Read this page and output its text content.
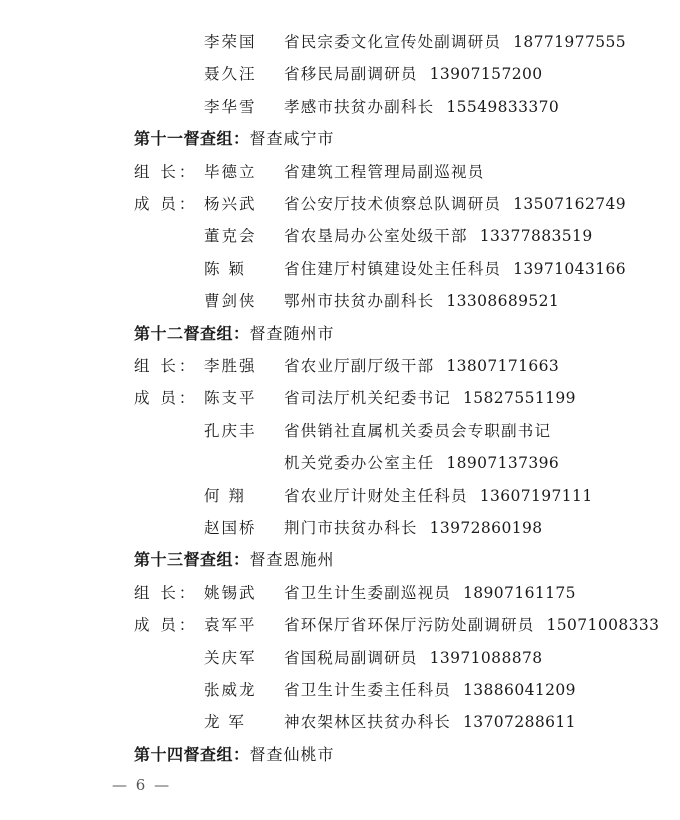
李荣国 省民宗委文化宣传处副调研员 18771977555
聂久汪 省移民局副调研员 13907157200
李华雪 孝感市扶贫办副科长 15549833370
第十一督查组：督查咸宁市
组 长： 毕德立 省建筑工程管理局副巡视员
成 员： 杨兴武 省公安厅技术侦察总队调研员 13507162749
董克会 省农垦局办公室处级干部 13377883519
陈 颖 省住建厅村镇建设处主任科员 13971043166
曹剑侠 鄂州市扶贫办副科长 13308689521
第十二督查组：督查随州市
组 长： 李胜强 省农业厅副厅级干部 13807171663
成 员： 陈支平 省司法厅机关纪委书记 15827551199
孔庆丰 省供销社直属机关委员会专职副书记
机关党委办公室主任 18907137396
何 翔 省农业厅计财处主任科员 13607197111
赵国桥 荆门市扶贫办科长 13972860198
第十三督查组：督查恩施州
组 长： 姚锡武 省卫生计生委副巡视员 18907161175
成 员： 袁军平 省环保厅省环保厅污防处副调研员 15071008333
关庆军 省国税局副调研员 13971088878
张威龙 省卫生计生委主任科员 13886041209
龙 军 神农架林区扶贫办科长 13707288611
第十四督查组：督查仙桃市
— 6 —
